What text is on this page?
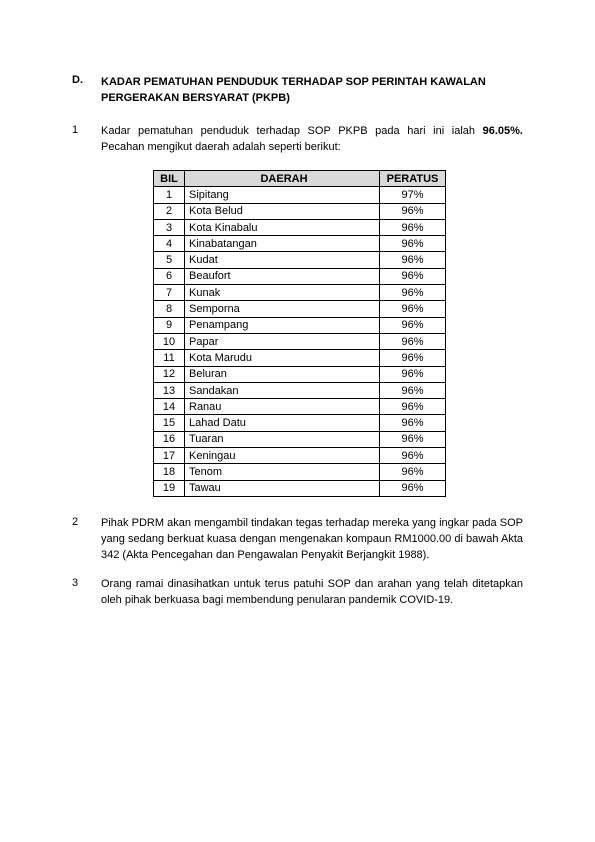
D. KADAR PEMATUHAN PENDUDUK TERHADAP SOP PERINTAH KAWALAN PERGERAKAN BERSYARAT (PKPB)
1 Kadar pematuhan penduduk terhadap SOP PKPB pada hari ini ialah 96.05%. Pecahan mengikut daerah adalah seperti berikut:
BIL	DAERAH	PERATUS
1	Sipitang	97%
2	Kota Belud	96%
3	Kota Kinabalu	96%
4	Kinabatangan	96%
5	Kudat	96%
6	Beaufort	96%
7	Kunak	96%
8	Semporna	96%
9	Penampang	96%
10	Papar	96%
11	Kota Marudu	96%
12	Beluran	96%
13	Sandakan	96%
14	Ranau	96%
15	Lahad Datu	96%
16	Tuaran	96%
17	Keningau	96%
18	Tenom	96%
19	Tawau	96%
2 Pihak PDRM akan mengambil tindakan tegas terhadap mereka yang ingkar pada SOP yang sedang berkuat kuasa dengan mengenakan kompaun RM1000.00 di bawah Akta 342 (Akta Pencegahan dan Pengawalan Penyakit Berjangkit 1988).
3 Orang ramai dinasihatkan untuk terus patuhi SOP dan arahan yang telah ditetapkan oleh pihak berkuasa bagi membendung penularan pandemik COVID-19.
